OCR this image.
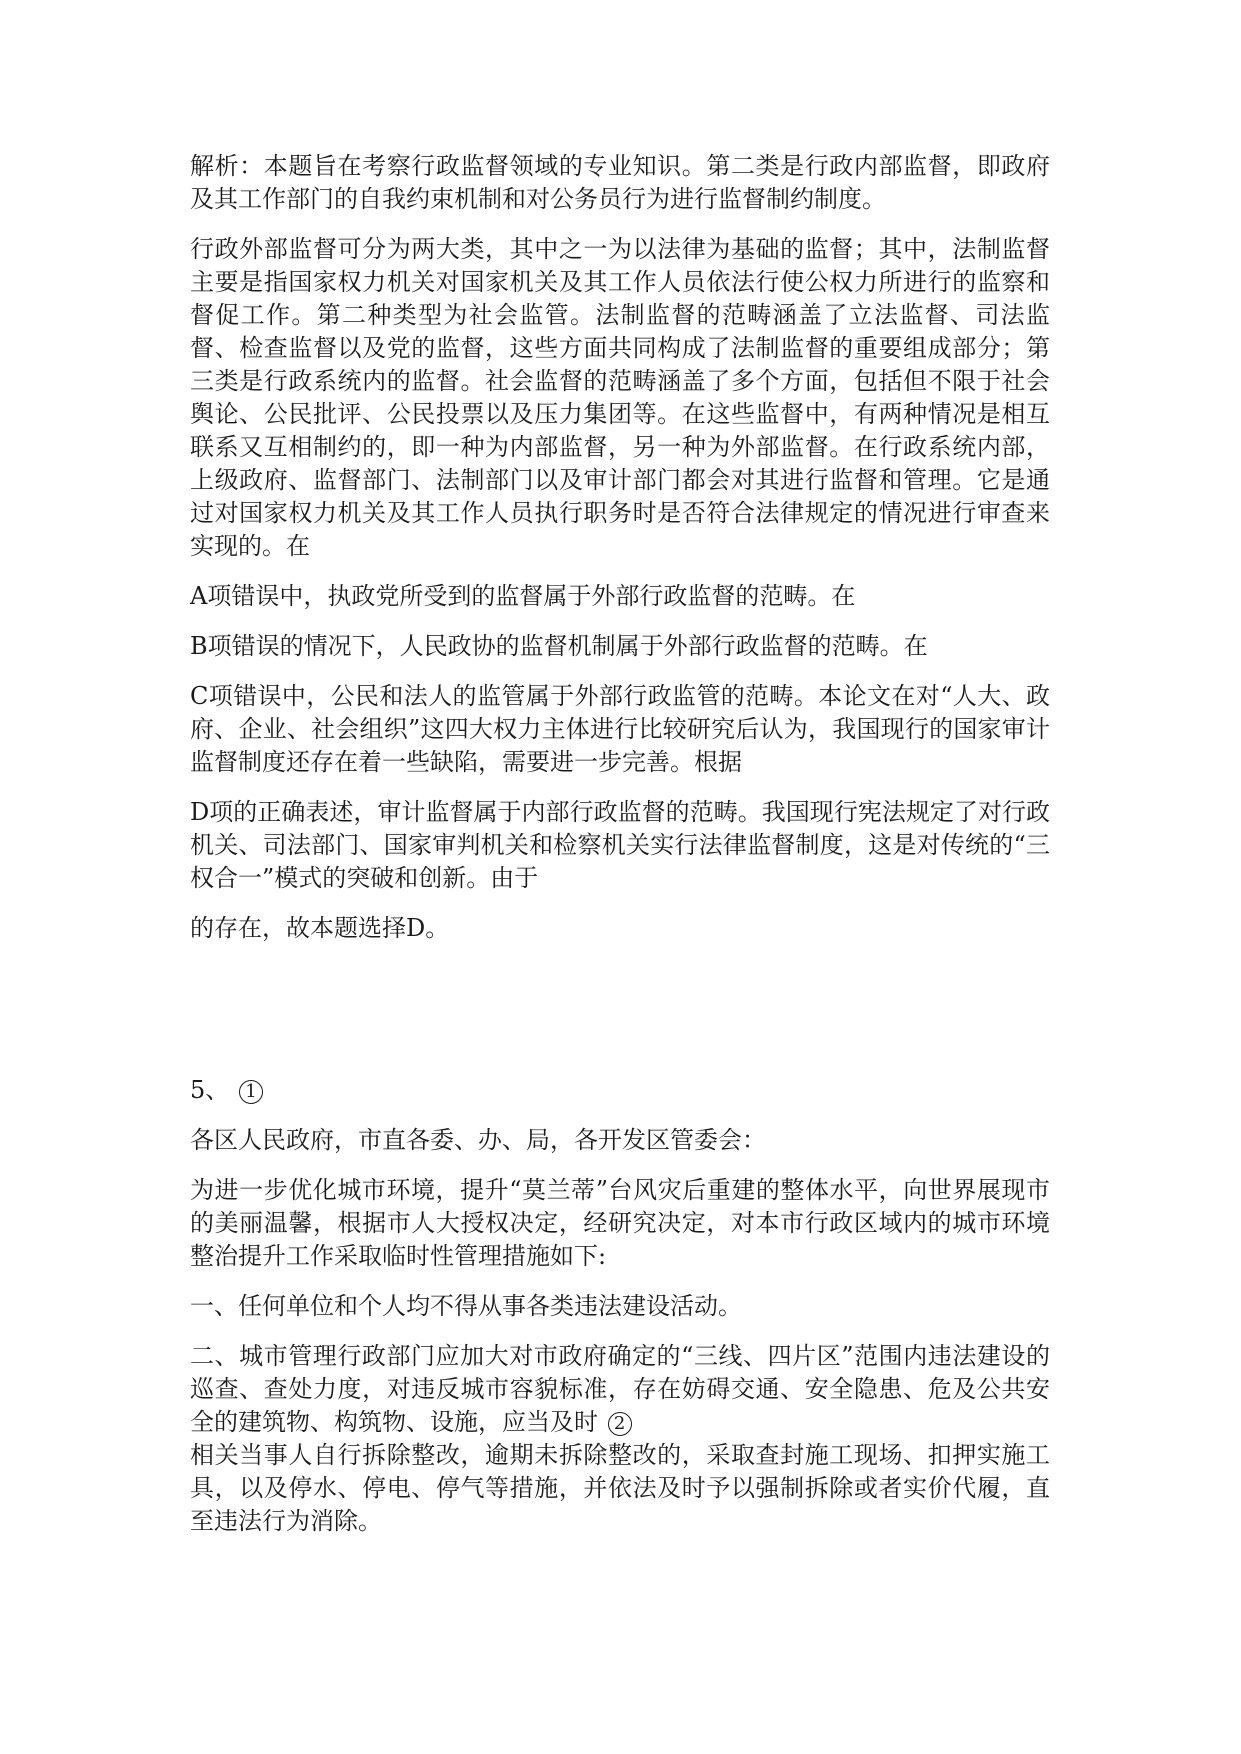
解析：本题旨在考察行政监督领域的专业知识。第二类是行政内部监督，即政府及其工作部门的自我约束机制和对公务员行为进行监督制约制度。

行政外部监督可分为两大类，其中之一为以法律为基础的监督；其中，法制监督主要是指国家权力机关对国家机关及其工作人员依法行使公权力所进行的监察和督促工作。第二种类型为社会监管。法制监督的范畴涵盖了立法监督、司法监督、检查监督以及党的监督，这些方面共同构成了法制监督的重要组成部分；第三类是行政系统内的监督。社会监督的范畴涵盖了多个方面，包括但不限于社会舆论、公民批评、公民投票以及压力集团等。在这些监督中，有两种情况是相互联系又互相制约的，即一种为内部监督，另一种为外部监督。在行政系统内部，上级政府、监督部门、法制部门以及审计部门都会对其进行监督和管理。它是通过对国家权力机关及其工作人员执行职务时是否符合法律规定的情况进行审查来实现的。在

A项错误中，执政党所受到的监督属于外部行政监督的范畴。在

B项错误的情况下，人民政协的监督机制属于外部行政监督的范畴。在

C项错误中，公民和法人的监管属于外部行政监管的范畴。本论文在对“人大、政府、企业、社会组织”这四大权力主体进行比较研究后认为，我国现行的国家审计监督制度还存在着一些缺陷，需要进一步完善。根据

D项的正确表述，审计监督属于内部行政监督的范畴。我国现行宪法规定了对行政机关、司法部门、国家审判机关和检察机关实行法律监督制度，这是对传统的“三权合一”模式的突破和创新。由于

的存在，故本题选择D。

5、 1

各区人民政府，市直各委、办、局，各开发区管委会：

为进一步优化城市环境，提升“莫兰蒂”台风灾后重建的整体水平，向世界展现市的美丽温馨，根据市人大授权决定，经研究决定，对本市行政区域内的城市环境整治提升工作采取临时性管理措施如下:

一、任何单位和个人均不得从事各类违法建设活动。

二、城市管理行政部门应加大对市政府确定的“三线、四片区”范围内违法建设的巡查、查处力度，对违反城市容貌标准，存在妨碍交通、安全隐患、危及公共安全的建筑物、构筑物、设施，应当及时 2

相关当事人自行拆除整改，逾期未拆除整改的，采取查封施工现场、扣押实施工具，以及停水、停电、停气等措施，并依法及时予以强制拆除或者实价代履，直至违法行为消除。
